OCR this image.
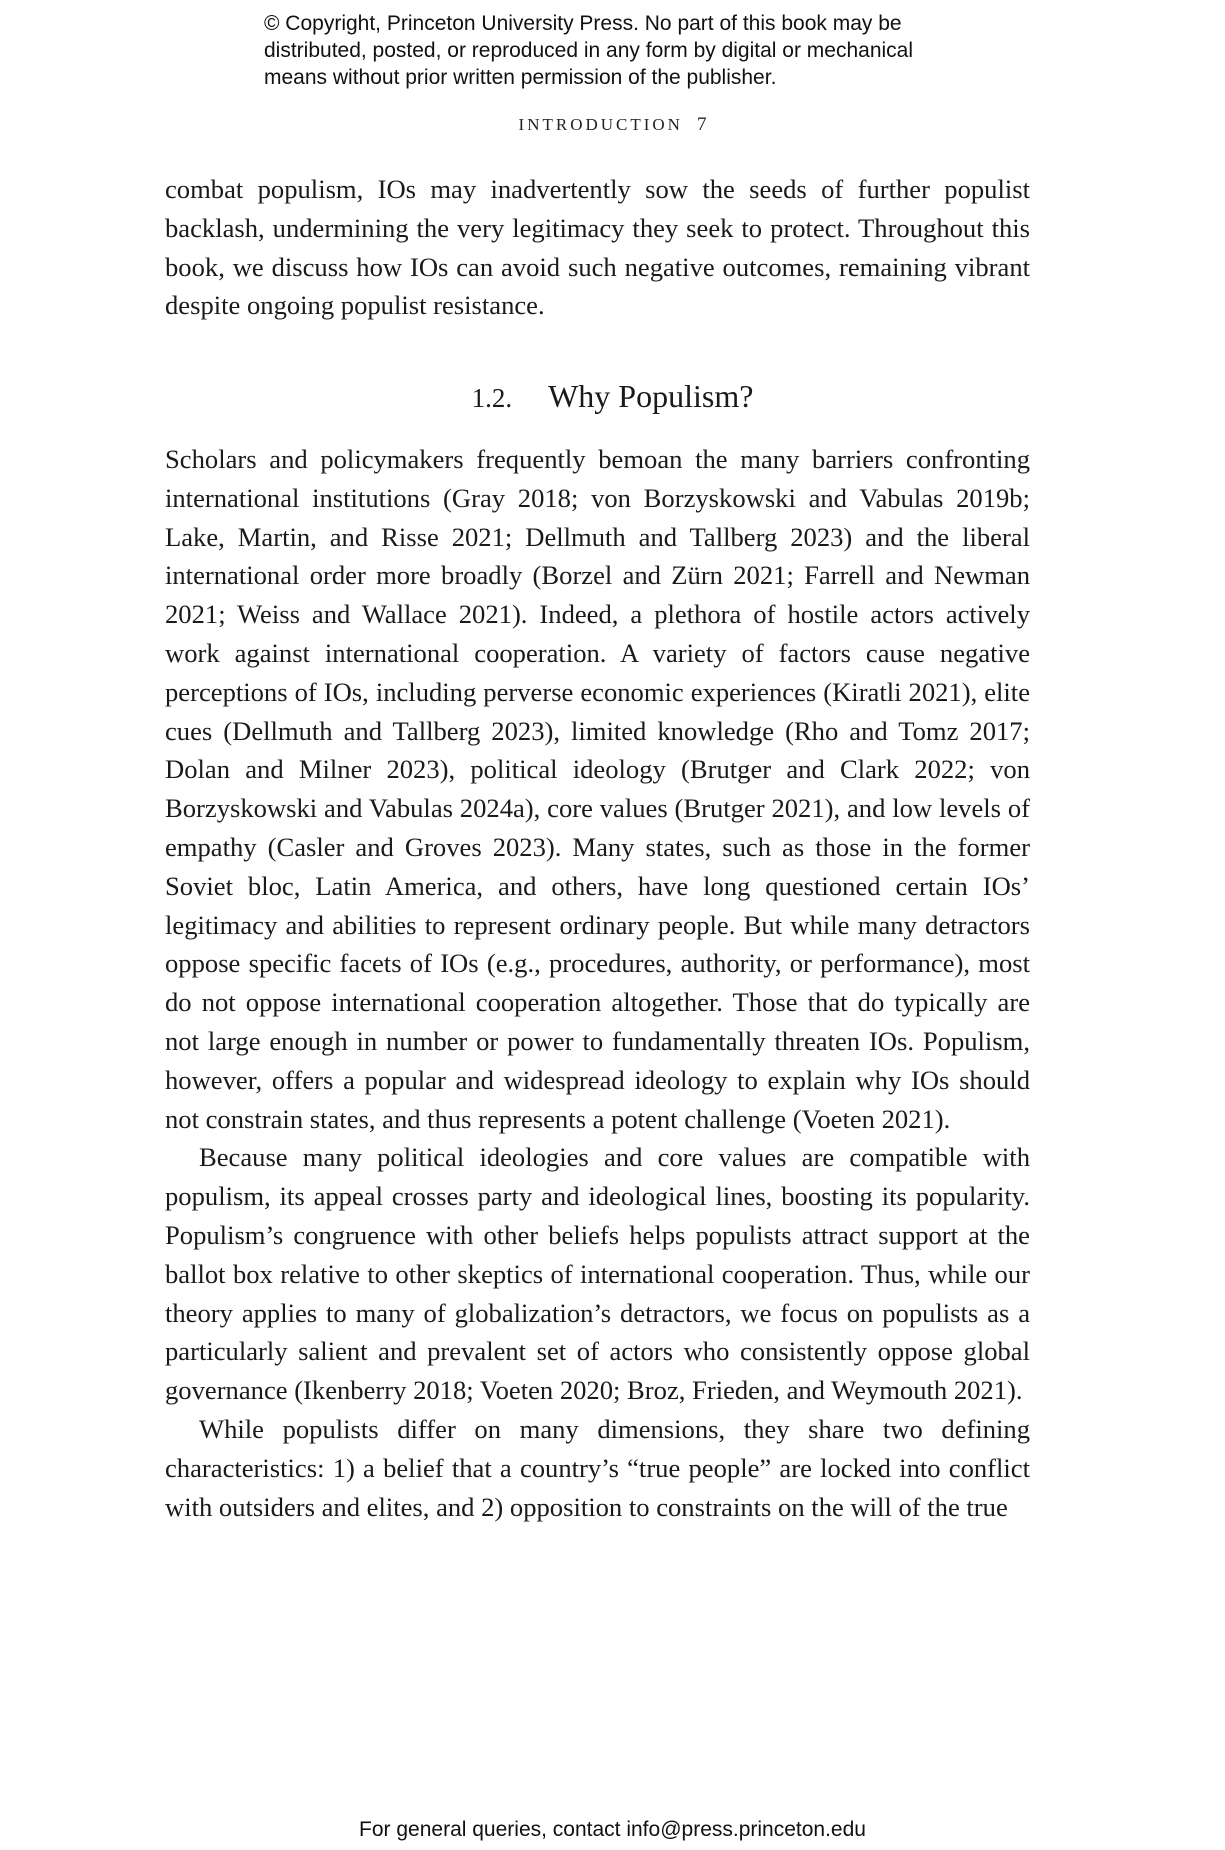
© Copyright, Princeton University Press. No part of this book may be
distributed, posted, or reproduced in any form by digital or mechanical
means without prior written permission of the publisher.
INTRODUCTION 7

combat populism, IOs may inadvertently sow the seeds of further populist backlash, undermining the very legitimacy they seek to protect. Throughout this book, we discuss how IOs can avoid such negative outcomes, remaining vibrant despite ongoing populist resistance.

1.2. Why Populism?

Scholars and policymakers frequently bemoan the many barriers confronting international institutions (Gray 2018; von Borzyskowski and Vabulas 2019b; Lake, Martin, and Risse 2021; Dellmuth and Tallberg 2023) and the liberal international order more broadly (Borzel and Zürn 2021; Farrell and Newman 2021; Weiss and Wallace 2021). Indeed, a plethora of hostile actors actively work against international cooperation. A variety of factors cause negative perceptions of IOs, including perverse economic experiences (Kiratli 2021), elite cues (Dellmuth and Tallberg 2023), limited knowledge (Rho and Tomz 2017; Dolan and Milner 2023), political ideology (Brutger and Clark 2022; von Borzyskowski and Vabulas 2024a), core values (Brutger 2021), and low levels of empathy (Casler and Groves 2023). Many states, such as those in the former Soviet bloc, Latin America, and others, have long questioned certain IOs’ legitimacy and abilities to represent ordinary people. But while many detractors oppose specific facets of IOs (e.g., procedures, authority, or performance), most do not oppose international cooperation altogether. Those that do typically are not large enough in number or power to fundamentally threaten IOs. Populism, however, offers a popular and widespread ideology to explain why IOs should not constrain states, and thus represents a potent challenge (Voeten 2021).

Because many political ideologies and core values are compatible with populism, its appeal crosses party and ideological lines, boosting its popularity. Populism’s congruence with other beliefs helps populists attract support at the ballot box relative to other skeptics of international cooperation. Thus, while our theory applies to many of globalization’s detractors, we focus on populists as a particularly salient and prevalent set of actors who consistently oppose global governance (Ikenberry 2018; Voeten 2020; Broz, Frieden, and Weymouth 2021).

While populists differ on many dimensions, they share two defining characteristics: 1) a belief that a country’s “true people” are locked into conflict with outsiders and elites, and 2) opposition to constraints on the will of the true

For general queries, contact info@press.princeton.edu
